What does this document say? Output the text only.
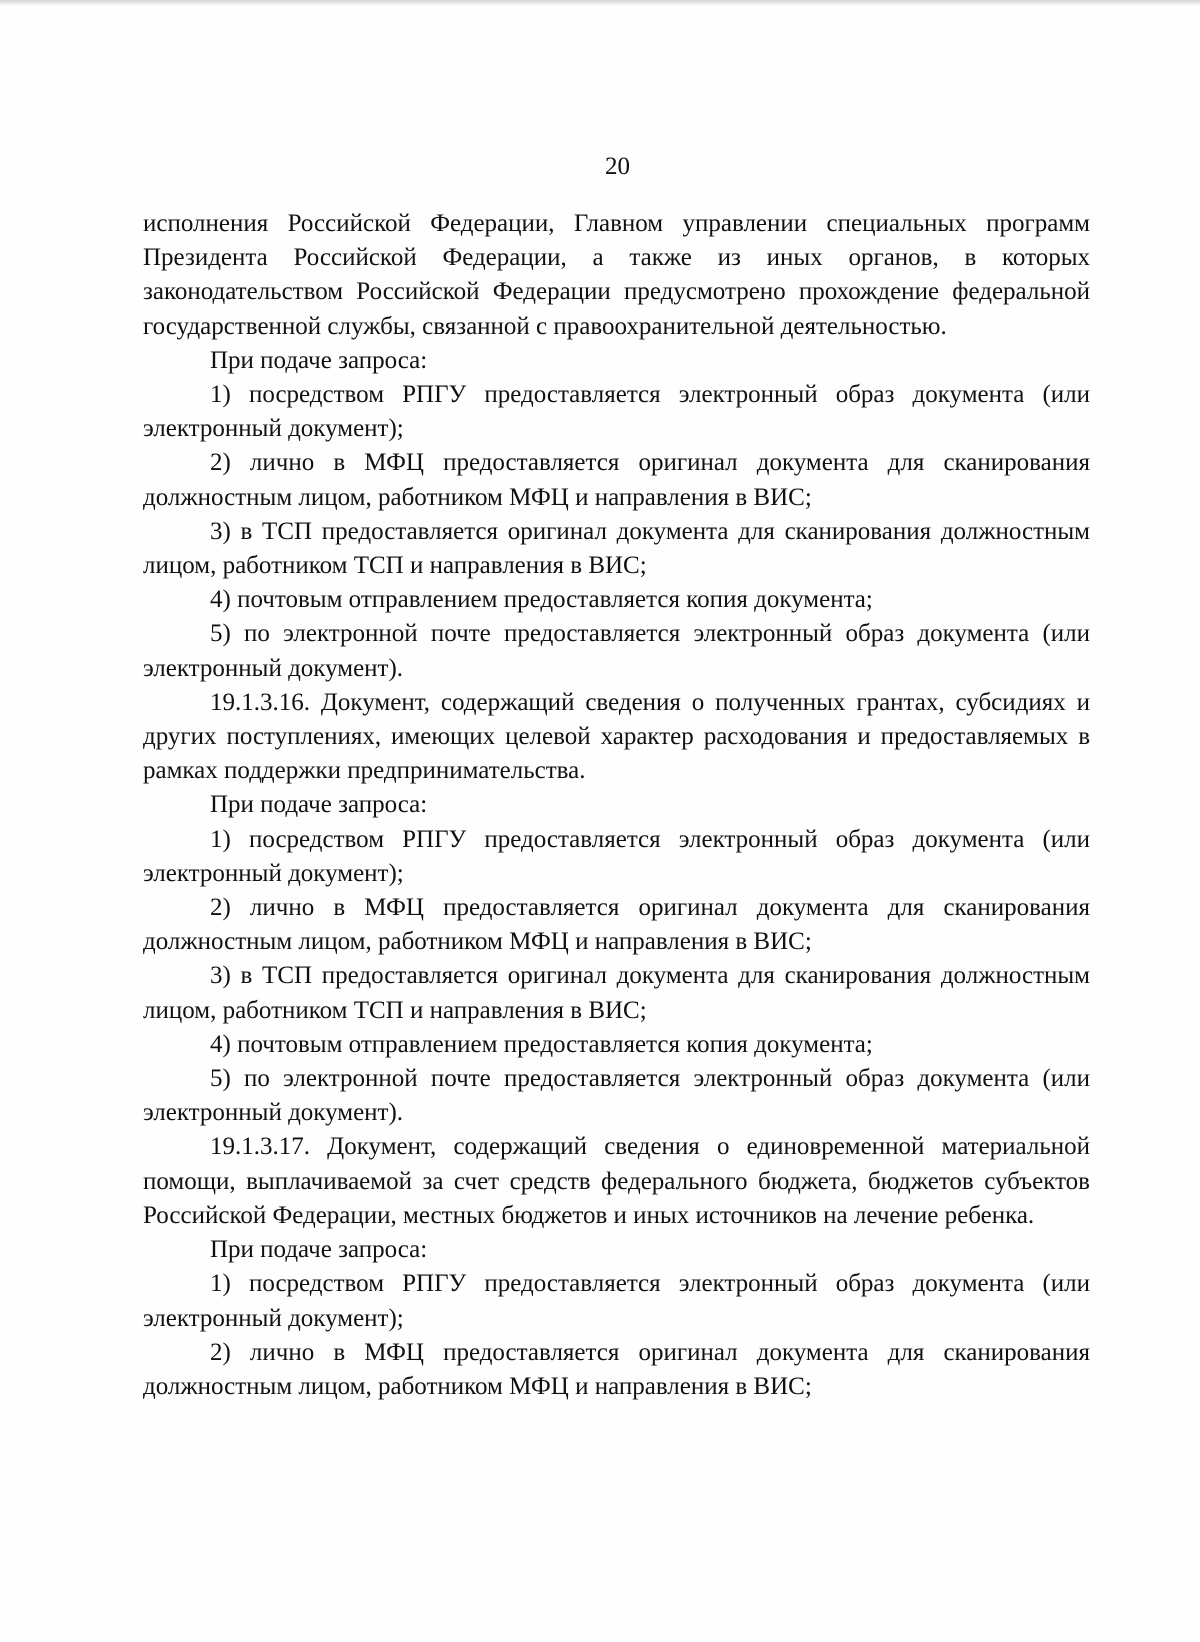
20

исполнения Российской Федерации, Главном управлении специальных программ Президента Российской Федерации, а также из иных органов, в которых законодательством Российской Федерации предусмотрено прохождение федеральной государственной службы, связанной с правоохранительной деятельностью.

При подаче запроса:

1) посредством РПГУ предоставляется электронный образ документа (или электронный документ);

2) лично в МФЦ предоставляется оригинал документа для сканирования должностным лицом, работником МФЦ и направления в ВИС;

3) в ТСП предоставляется оригинал документа для сканирования должностным лицом, работником ТСП и направления в ВИС;

4) почтовым отправлением предоставляется копия документа;

5) по электронной почте предоставляется электронный образ документа (или электронный документ).

19.1.3.16. Документ, содержащий сведения о полученных грантах, субсидиях и других поступлениях, имеющих целевой характер расходования и предоставляемых в рамках поддержки предпринимательства.

При подаче запроса:

1) посредством РПГУ предоставляется электронный образ документа (или электронный документ);

2) лично в МФЦ предоставляется оригинал документа для сканирования должностным лицом, работником МФЦ и направления в ВИС;

3) в ТСП предоставляется оригинал документа для сканирования должностным лицом, работником ТСП и направления в ВИС;

4) почтовым отправлением предоставляется копия документа;

5) по электронной почте предоставляется электронный образ документа (или электронный документ).

19.1.3.17. Документ, содержащий сведения о единовременной материальной помощи, выплачиваемой за счет средств федерального бюджета, бюджетов субъектов Российской Федерации, местных бюджетов и иных источников на лечение ребенка.

При подаче запроса:

1) посредством РПГУ предоставляется электронный образ документа (или электронный документ);

2) лично в МФЦ предоставляется оригинал документа для сканирования должностным лицом, работником МФЦ и направления в ВИС;
